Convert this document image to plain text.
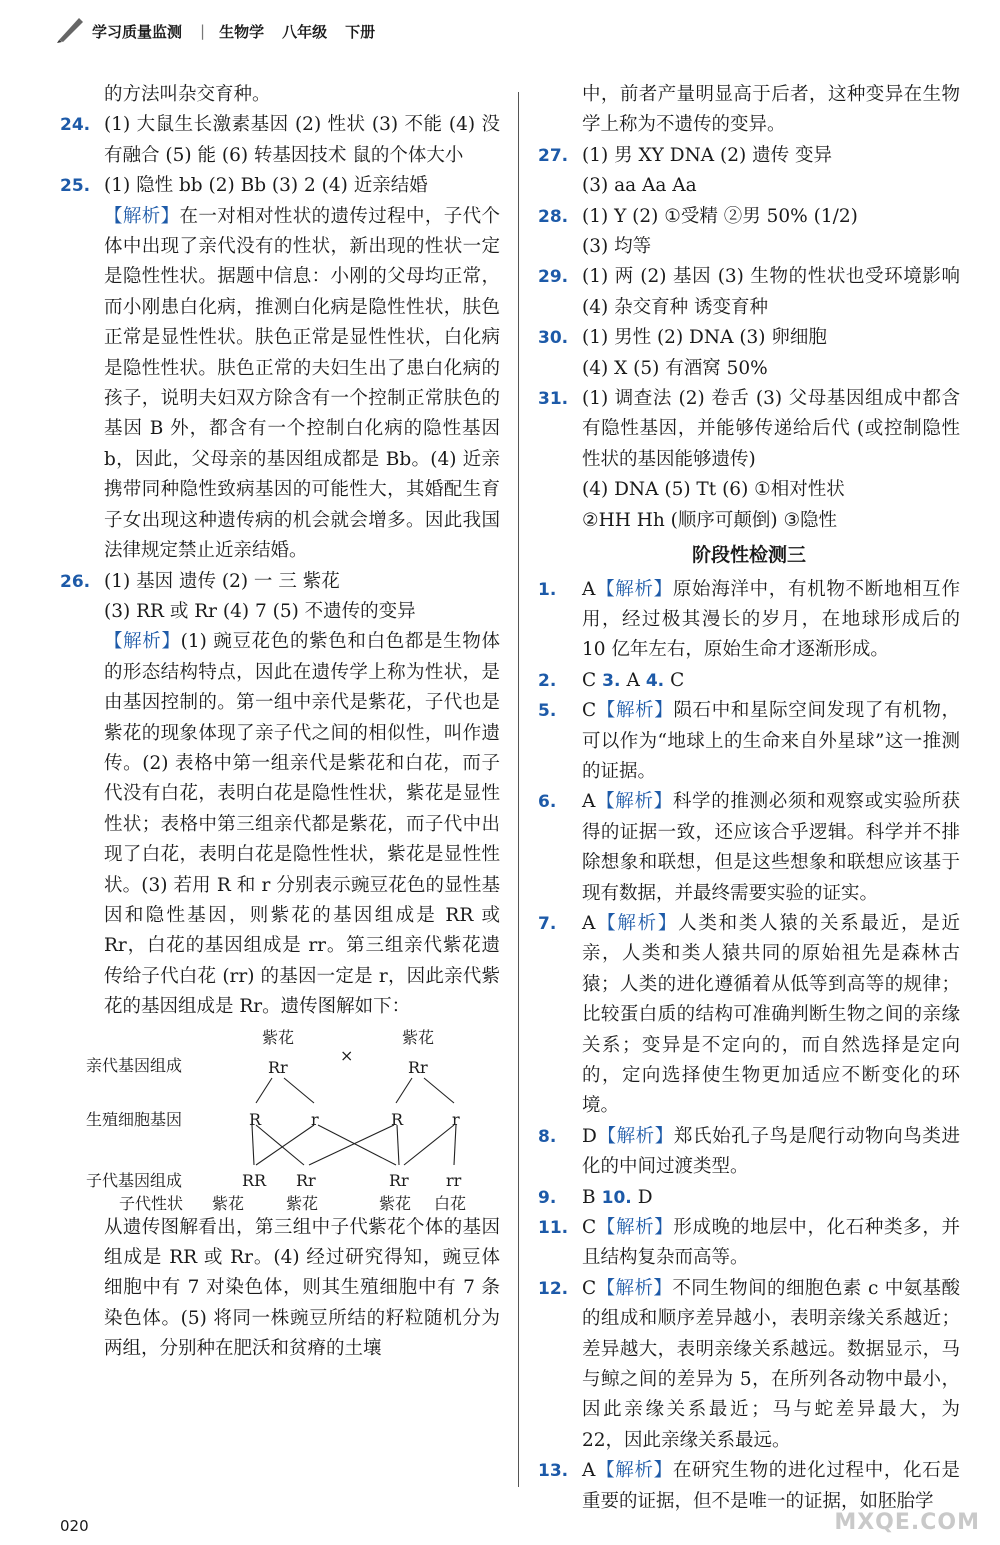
学习质量监测 | 生物学 八年级 下册
的方法叫杂交育种。
24. (1) 大鼠生长激素基因 (2) 性状 (3) 不能 (4) 没有融合 (5) 能 (6) 转基因技术 鼠的个体大小
25. (1) 隐性 bb (2) Bb (3) 2 (4) 近亲结婚
【解析】在一对相对性状的遗传过程中，子代个体中出现了亲代没有的性状，新出现的性状一定是隐性性状。据题中信息：小刚的父母均正常，而小刚患白化病，推测白化病是隐性性状，肤色正常是显性性状。肤色正常是显性性状，白化病是隐性性状。肤色正常的夫妇生出了患白化病的孩子，说明夫妇双方除含有一个控制正常肤色的基因 B 外，都含有一个控制白化病的隐性基因 b，因此，父母亲的基因组成都是 Bb。(4) 近亲携带同种隐性致病基因的可能性大，其婚配生育子女出现这种遗传病的机会就会增多。因此我国法律规定禁止近亲结婚。
26. (1) 基因 遗传 (2) 一 三 紫花
(3) RR 或 Rr (4) 7 (5) 不遗传的变异
【解析】(1) 豌豆花色的紫色和白色都是生物体的形态结构特点，因此在遗传学上称为性状，是由基因控制的。第一组中亲代是紫花，子代也是紫花的现象体现了亲子代之间的相似性，叫作遗传。(2) 表格中第一组亲代是紫花和白花，而子代没有白花，表明白花是隐性性状，紫花是显性性状；表格中第三组亲代都是紫花，而子代中出现了白花，表明白花是隐性性状，紫花是显性性状。(3) 若用 R 和 r 分别表示豌豆花色的显性基因和隐性基因，则紫花的基因组成是 RR 或 Rr，白花的基因组成是 rr。第三组亲代紫花遗传给子代白花 (rr) 的基因一定是 r，因此亲代紫花的基因组成是 Rr。遗传图解如下：
亲代基因组成
生殖细胞基因
子代基因组成
子代性状
紫花
Rr
×
紫花
Rr
R	r	R	r
RR Rr	Rr rr
紫花	紫花	紫花 白花
从遗传图解看出，第三组中子代紫花个体的基因组成是 RR 或 Rr。(4) 经过研究得知，豌豆体细胞中有 7 对染色体，则其生殖细胞中有 7 条染色体。(5) 将同一株豌豆所结的籽粒随机分为两组，分别种在肥沃和贫瘠的土壤
中，前者产量明显高于后者，这种变异在生物学上称为不遗传的变异。
27. (1) 男 XY DNA (2) 遗传 变异
(3) aa Aa Aa
28. (1) Y (2) ①受精 ②男 50% (1/2)
(3) 均等
29. (1) 两 (2) 基因 (3) 生物的性状也受环境影响 (4) 杂交育种 诱变育种
30. (1) 男性 (2) DNA (3) 卵细胞
(4) X (5) 有酒窝 50%
31. (1) 调查法 (2) 卷舌 (3) 父母基因组成中都含有隐性基因，并能够传递给后代 (或控制隐性性状的基因能够遗传)
(4) DNA (5) Tt (6) ①相对性状
②HH Hh (顺序可颠倒) ③隐性
阶段性检测三
1.	A【解析】原始海洋中，有机物不断地相互作用，经过极其漫长的岁月，在地球形成后的 10 亿年左右，原始生命才逐渐形成。
2.	C 3. A 4. C
5.	C【解析】陨石中和星际空间发现了有机物，可以作为“地球上的生命来自外星球”这一推测的证据。
6.	A【解析】科学的推测必须和观察或实验所获得的证据一致，还应该合乎逻辑。科学并不排除想象和联想，但是这些想象和联想应该基于现有数据，并最终需要实验的证实。
7.	A【解析】人类和类人猿的关系最近，是近亲，人类和类人猿共同的原始祖先是森林古猿；人类的进化遵循着从低等到高等的规律；比较蛋白质的结构可准确判断生物之间的亲缘关系；变异是不定向的，而自然选择是定向的，定向选择使生物更加适应不断变化的环境。
8.	D【解析】郑氏始孔子鸟是爬行动物向鸟类进化的中间过渡类型。
9.	B 10. D
11. C【解析】形成晚的地层中，化石种类多，并且结构复杂而高等。
12. C【解析】不同生物间的细胞色素 c 中氨基酸的组成和顺序差异越小，表明亲缘关系越近；差异越大，表明亲缘关系越远。数据显示，马与鲸之间的差异为 5，在所列各动物中最小，因此亲缘关系最近；马与蛇差异最大，为 22，因此亲缘关系最远。
13. A【解析】在研究生物的进化过程中，化石是重要的证据，但不是唯一的证据，如胚胎学
020	MXQE.COM
